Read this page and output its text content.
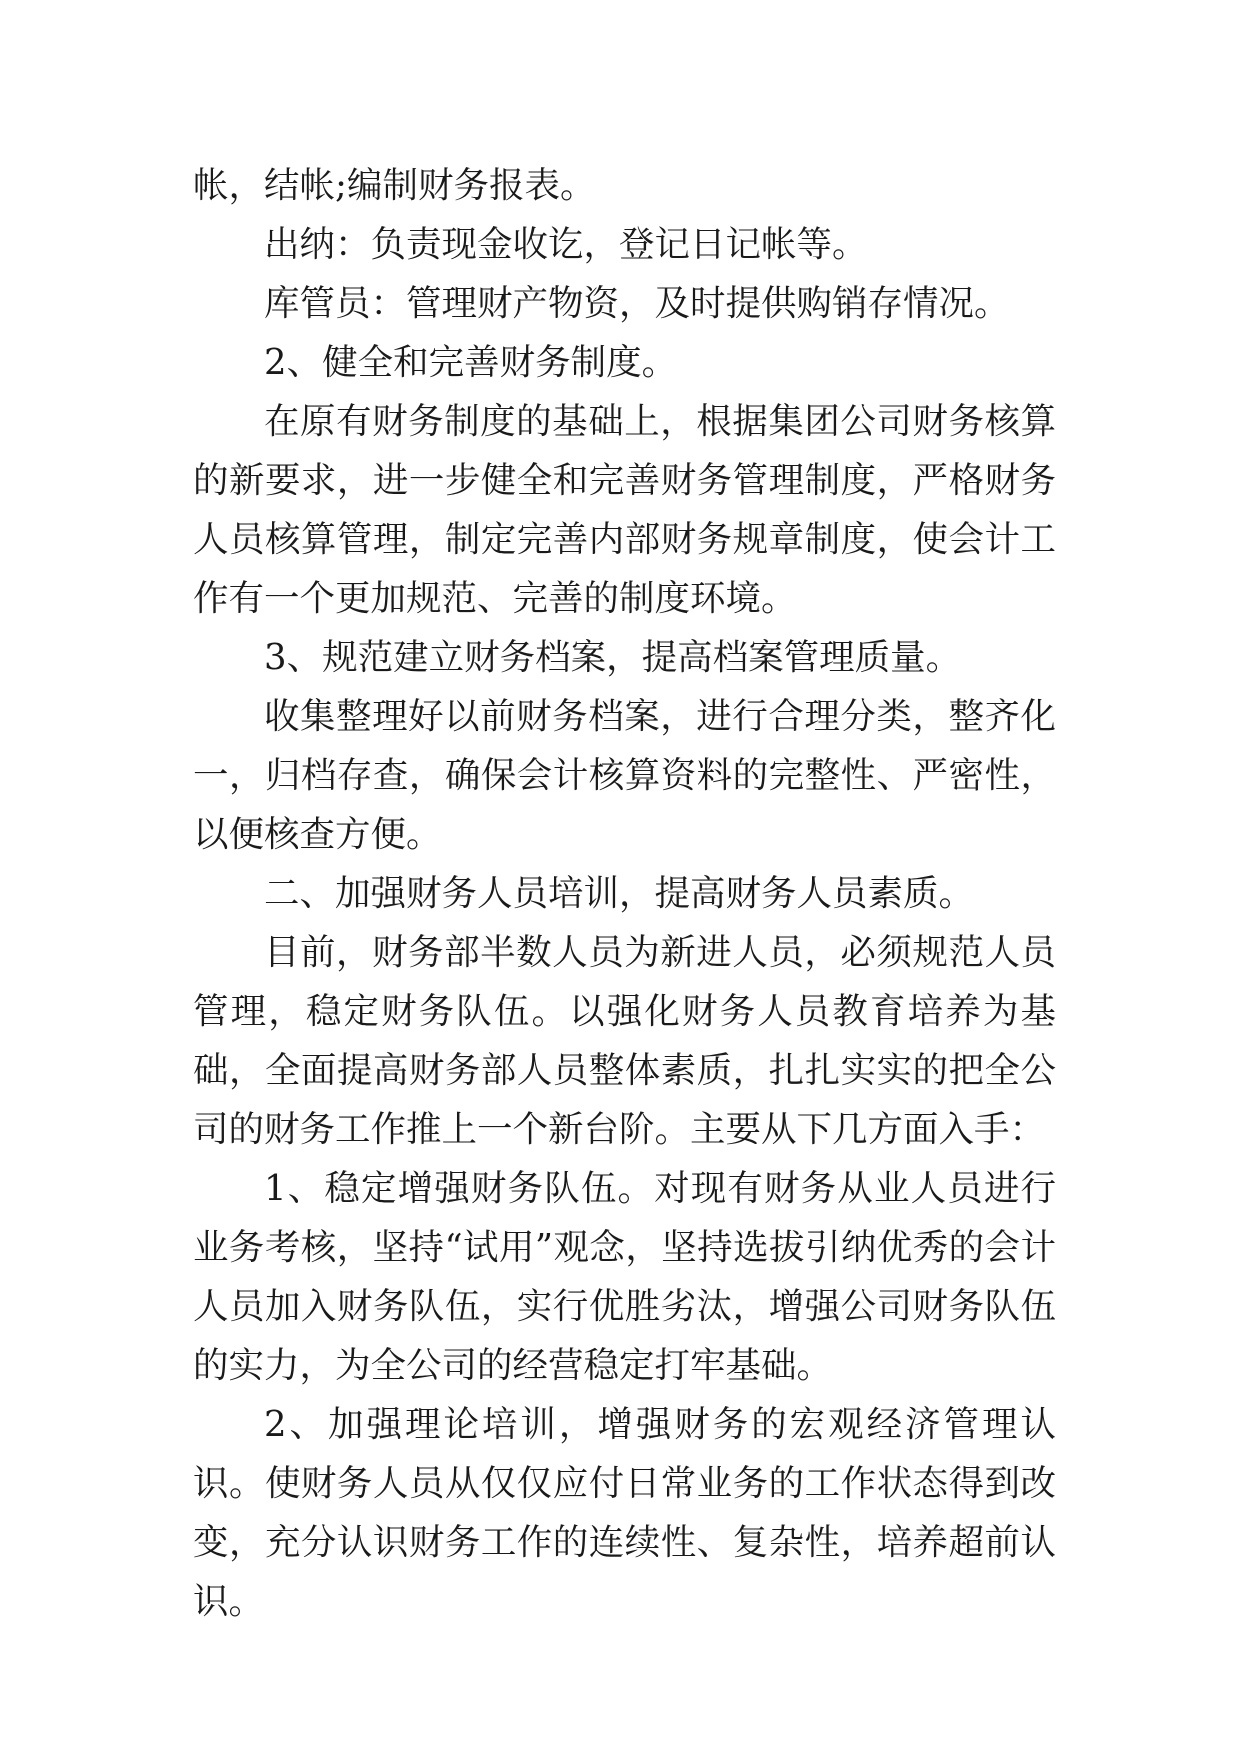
帐，结帐;编制财务报表。

出纳：负责现金收讫，登记日记帐等。

库管员：管理财产物资，及时提供购销存情况。

2、健全和完善财务制度。

在原有财务制度的基础上，根据集团公司财务核算的新要求，进一步健全和完善财务管理制度，严格财务人员核算管理，制定完善内部财务规章制度，使会计工作有一个更加规范、完善的制度环境。

3、规范建立财务档案，提高档案管理质量。

收集整理好以前财务档案，进行合理分类，整齐化一，归档存查，确保会计核算资料的完整性、严密性，以便核查方便。

二、加强财务人员培训，提高财务人员素质。

目前，财务部半数人员为新进人员，必须规范人员管理，稳定财务队伍。以强化财务人员教育培养为基础，全面提高财务部人员整体素质，扎扎实实的把全公司的财务工作推上一个新台阶。主要从下几方面入手：

1、稳定增强财务队伍。对现有财务从业人员进行业务考核，坚持“试用”观念，坚持选拔引纳优秀的会计人员加入财务队伍，实行优胜劣汰，增强公司财务队伍的实力，为全公司的经营稳定打牢基础。

2、加强理论培训，增强财务的宏观经济管理认识。使财务人员从仅仅应付日常业务的工作状态得到改变，充分认识财务工作的连续性、复杂性，培养超前认识。
